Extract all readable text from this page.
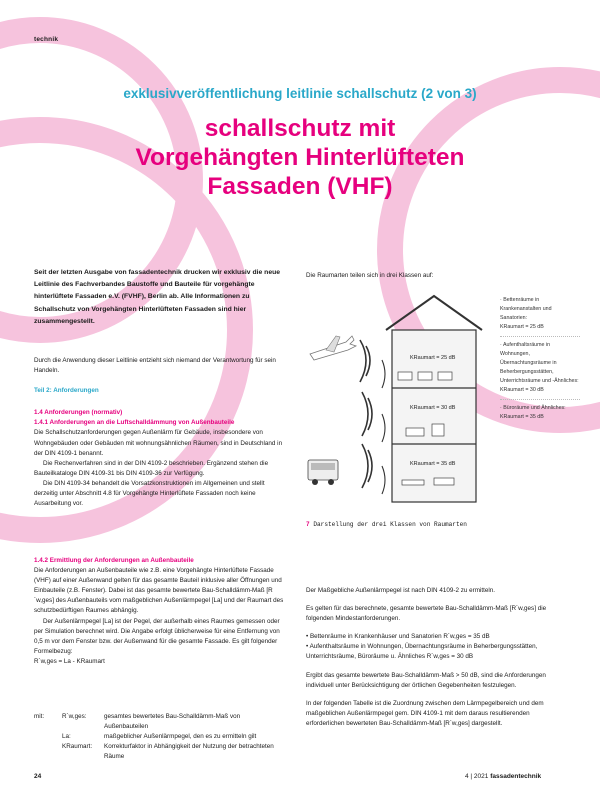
technik
exklusivveröffentlichung leitlinie schallschutz (2 von 3)
schallschutz mit
Vorgehängten Hinterlüfteten
Fassaden (VHF)
Seit der letzten Ausgabe von fassadentechnik drucken wir exklusiv die neue Leitlinie des Fachverbandes Baustoffe und Bauteile für vorgehängte hinterlüftete Fassaden e.V. (FVHF), Berlin ab. Alle Informationen zu Schallschutz von Vorgehängten Hinterlüfteten Fassaden sind hier zusammengestellt.

Durch die Anwendung dieser Leitlinie entzieht sich niemand der Verantwortung für sein Handeln.

Teil 2: Anforderungen

1.4 Anforderungen (normativ)

1.4.1 Anforderungen an die Luftschalldämmung von Außenbauteile

Die Schallschutzanforderungen gegen Außenlärm für Gebäude, insbesondere von Wohngebäuden oder Gebäuden mit wohnungsähnlichen Räumen, sind in Deutschland in der DIN 4109-1 benannt.

Die Rechenverfahren sind in der DIN 4109-2 beschrieben. Ergänzend stehen die Bauteilkataloge DIN 4109-31 bis DIN 4109-36 zur Verfügung.

Die DIN 4109-34 behandelt die Vorsatzkonstruktionen im Allgemeinen und stellt derzeitig unter Abschnitt 4.8 für Vorgehängte Hinterlüftete Fassaden noch keine Ausarbeitung vor.

1.4.2 Ermittlung der Anforderungen an Außenbauteile

Die Anforderungen an Außenbauteile wie z.B. eine Vorgehängte Hinterlüftete Fassade (VHF) auf einer Außenwand gelten für das gesamte Bauteil inklusive aller Öffnungen und Einbauteile (z.B. Fenster). Dabei ist das gesamte bewertete Bau-Schalldämm-Maß [R´w,ges] des Außenbauteils vom maßgeblichen Außenlärmpegel [La] und der Raumart des schutzbedürftigen Raumes abhängig.

Der Außenlärmpegel [La] ist der Pegel, der außerhalb eines Raumes gemessen oder per Simulation berechnet wird. Die Angabe erfolgt üblicherweise für eine Entfernung von 0,5 m vor dem Fenster bzw. der Außenwand für die gesamte Fassade. Es gilt folgender Formelbezug:

R´w,ges = La - KRaumart

mit:	R´w,ges:	gesamtes bewertetes Bau-Schalldämm-Maß von Außenbauteilen
	La:	maßgeblicher Außenlärmpegel, den es zu ermitteln gilt
	KRaumart:	Korrekturfaktor in Abhängigkeit der Nutzung der betrachteten Räume
Die Raumarten teilen sich in drei Klassen auf:
KRaumart = 25 dB
KRaumart = 30 dB
KRaumart = 35 dB
7 Darstellung der drei Klassen von Raumarten
· Bettenräume in Krankenanstalten und Sanatorien:
KRaumart = 25 dB
· Aufenthaltsräume in Wohnungen, Übernachtungsräume in Beherbergungsstätten, Unterrichtsräume und -Ähnliches:
KRaumart = 30 dB
· Büroräume und Ähnliches:
KRaumart = 35 dB

Der Maßgebliche Außenlärmpegel ist nach DIN 4109-2 zu ermitteln.

Es gelten für das berechnete, gesamte bewertete Bau-Schalldämm-Maß [R´w,ges] die folgenden Mindestanforderungen.

• Bettenräume in Krankenhäuser und Sanatorien R´w,ges = 35 dB

• Aufenthaltsräume in Wohnungen, Übernachtungsräume in Beherbergungsstätten, Unterrichtsräume, Büroräume u. Ähnliches R´w,ges = 30 dB

Ergibt das gesamte bewertete Bau-Schalldämm-Maß > 50 dB, sind die Anforderungen individuell unter Berücksichtigung der örtlichen Gegebenheiten festzulegen.

In der folgenden Tabelle ist die Zuordnung zwischen dem Lärmpegelbereich und dem maßgeblichen Außenlärmpegel gem. DIN 4109-1 mit dem daraus resultierenden erforderlichen bewerteten Bau-Schalldämm-Maß [R´w,ges] dargestellt.

24	4 | 2021 fassadentechnik
